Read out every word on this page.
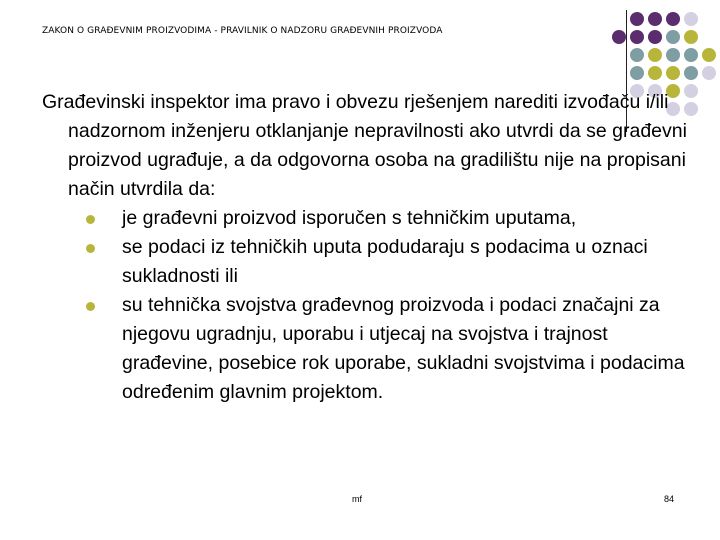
ZAKON O GRAĐEVNIM PROIZVODIMA - PRAVILNIK O NADZORU GRAĐEVNIH PROIZVODA

Građevinski inspektor ima pravo i obvezu rješenjem narediti izvođaču i/ili nadzornom inženjeru otklanjanje nepravilnosti ako utvrdi da se građevni proizvod ugrađuje, a da odgovorna osoba na gradilištu nije na propisani način utvrdila da:

je građevni proizvod isporučen s tehničkim uputama,
se podaci iz tehničkih uputa podudaraju s podacima u oznaci sukladnosti ili
su tehnička svojstva građevnog proizvoda i podaci značajni za njegovu ugradnju, uporabu i utjecaj na svojstva i trajnost građevine, posebice rok uporabe, sukladni svojstvima i podacima određenim glavnim projektom.
mf	84
